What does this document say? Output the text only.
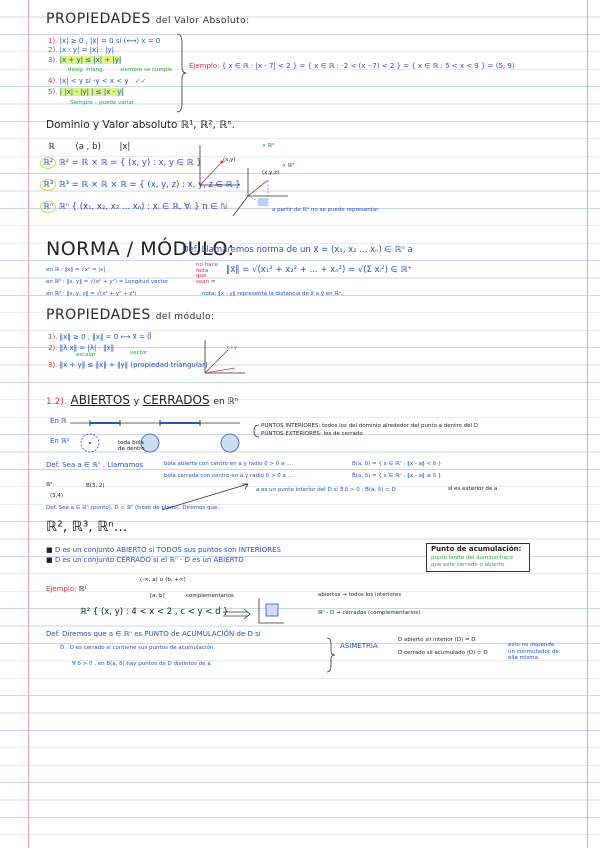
PROPIEDADES del Valor Absoluto:
1). |x| ≥ 0 , |x| = 0 si (⟷) x = 0
2). |x · y| = |x| · |y|
3). |x + y| ≤ |x| + |y|
desig. triang.	siempre se cumple
4). |x| < y si -y < x < y ✓✓
5). | |x| - |y| | ≤ |x - y|
Siempre – puede variar
Ejemplo: { x ∈ ℝ : |x - 7| < 2 } = { x ∈ ℝ : -2 < (x - 7) < 2 } = { x ∈ ℝ : 5 < x < 9 } = (5, 9)
Dominio y Valor absoluto ℝ¹, ℝ², ℝⁿ.
ℝ (a , b) |x|
ℝ² ℝ² = ℝ × ℝ = { (x, y) : x, y ∈ ℝ }
ℝ³ ℝ³ = ℝ × ℝ × ℝ = { (x, y, z) : x, y, z ∈ ℝ }
ℝⁿ ℝⁿ { (x₁, x₂, x₃ ... xₙ) : xᵢ ∈ ℝ, ∀ᵢ } n ∈ ℕ
(x,y)
∝ ℝ²
(x,y,z)
∝ ℝ³
a partir de ℝ⁴ no se puede representar
NORMA / MÓDULO:
Def. Llamaremos norma de un x⃗ = (x₁, x₂ ... xₙ) ∈ ℝⁿ a
no hace falta que sean ≠
‖x⃗‖ = √(x₁² + x₂² + ... + xₙ²) = √(Σ xᵢ²) ∈ ℝ⁺
en ℝ : ‖x‖ = √x² = |x|
en ℝ² : ‖x, y‖ = √(x² + y²) = Longitud vector
en ℝ³ : ‖x, y, z‖ = √(x² + y² + z²)	nota: ‖x - y‖ representa la distancia de x⃗ a y⃗ en ℝⁿ.
PROPIEDADES del módulo:
1). ‖x‖ ≥ 0 , ‖x‖ = 0 ⟷ x⃗ = 0⃗
2). ‖λ x‖ = |λ| · ‖x‖
escalar	vector
3). ‖x + y‖ ≤ ‖x‖ + ‖y‖ (propiedad triangular)
x+y
1.2). ABIERTOS y CERRADOS en ℝⁿ
En ℝ
En ℝ²	toda bola de dentro
PUNTOS INTERIORES: todos los del dominio alrededor del punto a dentro del D
PUNTOS EXTERIORES: los de cerrado
Def. Sea a ∈ ℝⁿ . Llamamos	bola abierta con centro en a y radio δ > 0 a ....
bola cerrada con centro en a y radio δ > 0 a ....
B(a, δ) = { x ∈ ℝⁿ : ‖x - a‖ < δ }
B̄(a, δ) = { x ∈ ℝⁿ : ‖x - a‖ ≤ δ }
ℝ²
(3,4)
B(3, 2)
a es un punto interior del D si ∃ δ > 0 : B(a, δ) ⊂ D	si es exterior de a
Def. Sea a ∈ ℝⁿ (punto), D ⊂ ℝⁿ (trozo de plano). Diremos que:
ℝ², ℝ³, ℝⁿ...
■ D es un conjunto ABIERTO si TODOS sus puntos son INTERIORES
■ D es un conjunto CERRADO si el ℝⁿ - D es un ABIERTO
Punto de acumulación:
punto límite del dominio hace que este cerrado o abierto
Ejemplo: ℝ¹
(-∞, a) ∪ (b, +∞)
[a, b]	complementarios
ℝ² { (x, y) : 4 < x < 2 , c < y < d }
abiertos → todos los interiores
ℝⁿ - D → cerrados (complementarios)
Def. Diremos que a ∈ ℝⁿ es PUNTO de ACUMULACIÓN de D si
D̄ : D es cerrado si contiene sus puntos de acumulación.
∀ δ > 0 , en B(a, δ) hay puntos de D distintos de a.
ASIMETRÍA
D abierto sii interior (D) = D
D cerrado sii acumulado (D) ⊂ D
esto no depende un conmutador de ella misma.
